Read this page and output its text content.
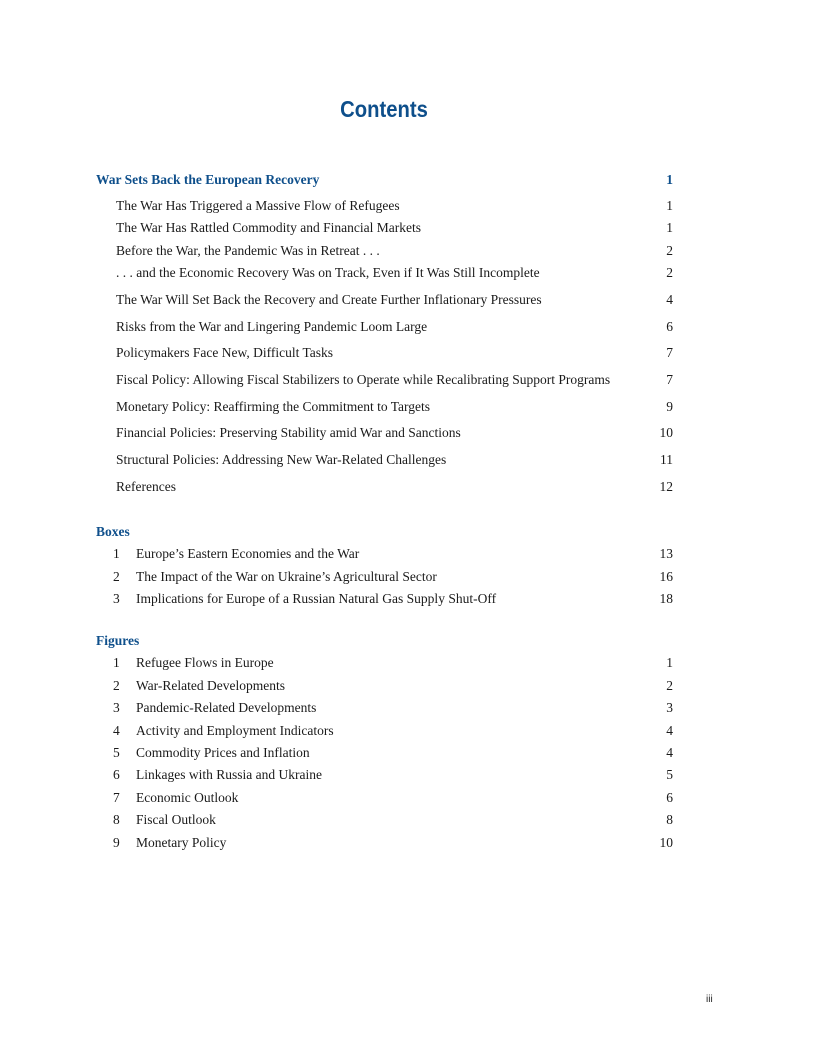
Contents
War Sets Back the European Recovery	1
The War Has Triggered a Massive Flow of Refugees	1
The War Has Rattled Commodity and Financial Markets	1
Before the War, the Pandemic Was in Retreat . . .	2
. . . and the Economic Recovery Was on Track, Even if It Was Still Incomplete	2
The War Will Set Back the Recovery and Create Further Inflationary Pressures	4
Risks from the War and Lingering Pandemic Loom Large	6
Policymakers Face New, Difficult Tasks	7
Fiscal Policy: Allowing Fiscal Stabilizers to Operate while Recalibrating Support Programs	7
Monetary Policy: Reaffirming the Commitment to Targets	9
Financial Policies: Preserving Stability amid War and Sanctions	10
Structural Policies: Addressing New War-Related Challenges	11
References	12
Boxes
1	Europe’s Eastern Economies and the War	13
2	The Impact of the War on Ukraine’s Agricultural Sector	16
3	Implications for Europe of a Russian Natural Gas Supply Shut-Off	18
Figures
1	Refugee Flows in Europe	1
2	War-Related Developments	2
3	Pandemic-Related Developments	3
4	Activity and Employment Indicators	4
5	Commodity Prices and Inflation	4
6	Linkages with Russia and Ukraine	5
7	Economic Outlook	6
8	Fiscal Outlook	8
9	Monetary Policy	10
iii
